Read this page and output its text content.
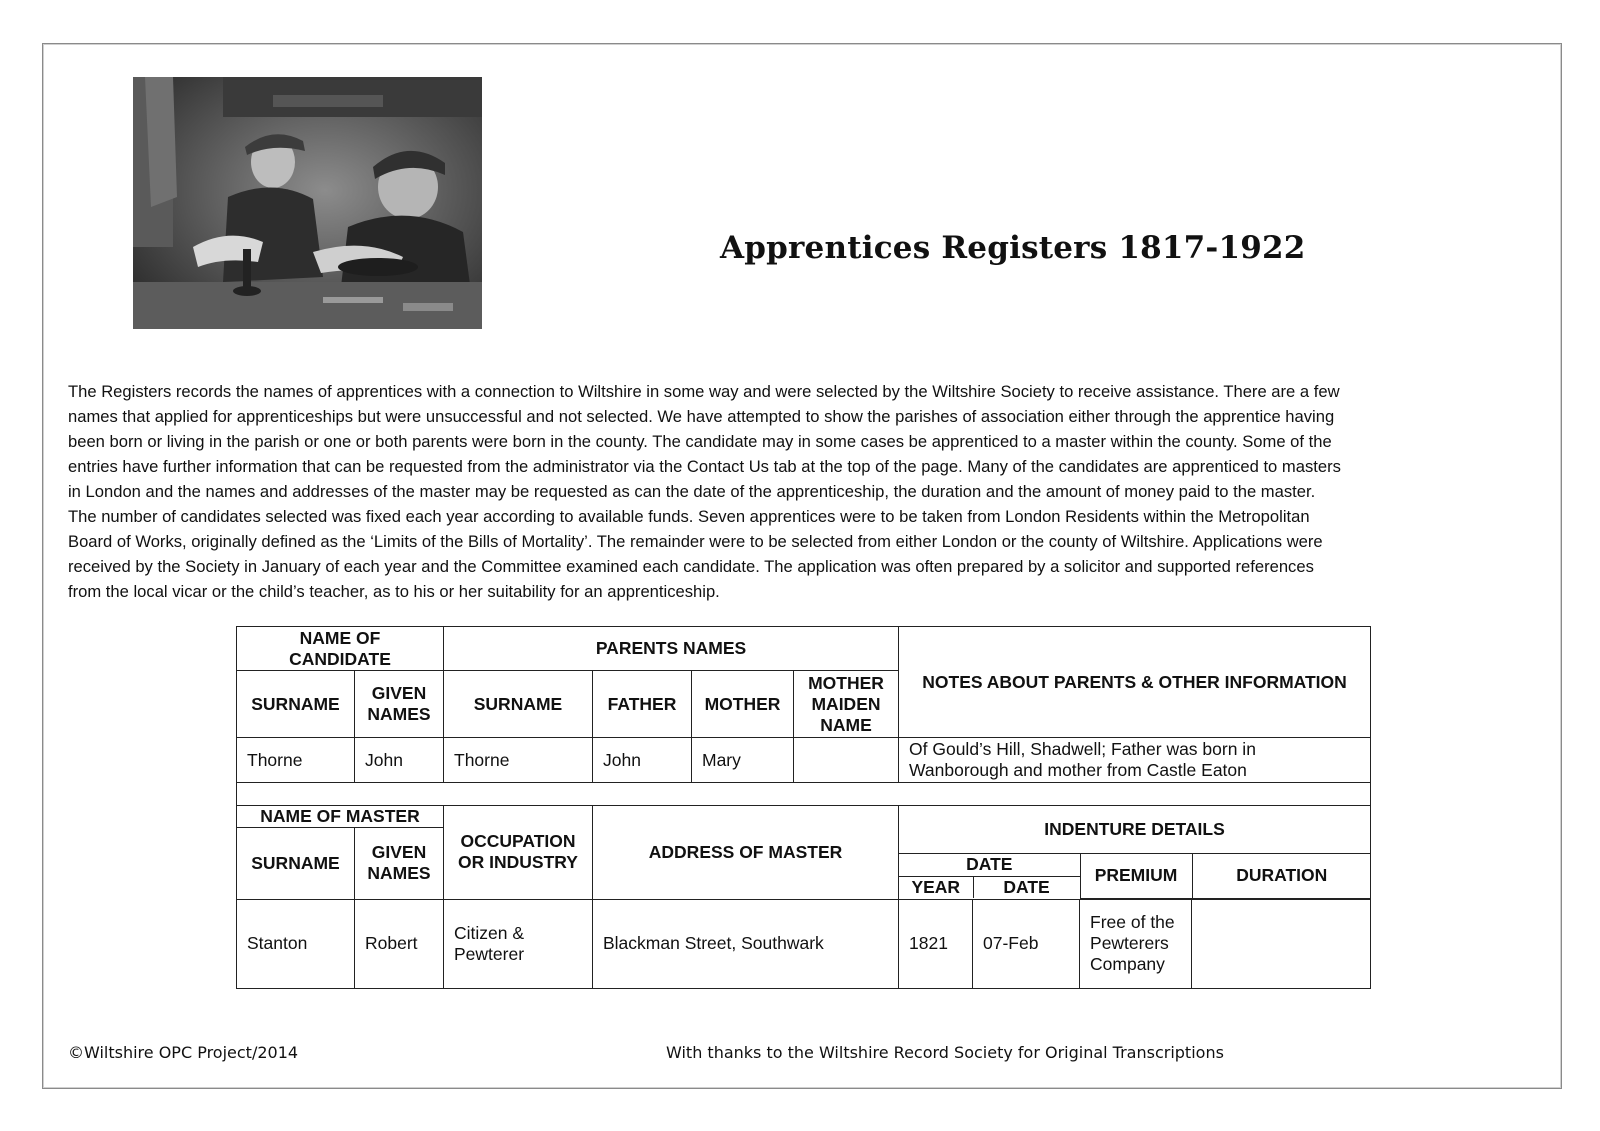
Apprentices Registers 1817-1922

The Registers records the names of apprentices with a connection to Wiltshire in some way and were selected by the Wiltshire Society to receive assistance. There are a few
names that applied for apprenticeships but were unsuccessful and not selected. We have attempted to show the parishes of association either through the apprentice having
been born or living in the parish or one or both parents were born in the county. The candidate may in some cases be apprenticed to a master within the county. Some of the
entries have further information that can be requested from the administrator via the Contact Us tab at the top of the page. Many of the candidates are apprenticed to masters
in London and the names and addresses of the master may be requested as can the date of the apprenticeship, the duration and the amount of money paid to the master.
The number of candidates selected was fixed each year according to available funds. Seven apprentices were to be taken from London Residents within the Metropolitan
Board of Works, originally defined as the ‘Limits of the Bills of Mortality’. The remainder were to be selected from either London or the county of Wiltshire. Applications were
received by the Society in January of each year and the Committee examined each candidate. The application was often prepared by a solicitor and supported references
from the local vicar or the child’s teacher, as to his or her suitability for an apprenticeship.

NAME OF CANDIDATE	PARENTS NAMES	NOTES ABOUT PARENTS & OTHER INFORMATION
SURNAME	GIVEN NAMES	SURNAME	FATHER	MOTHER	MOTHER MAIDEN NAME
Thorne	John	Thorne	John	Mary		Of Gould’s Hill, Shadwell; Father was born in Wanborough and mother from Castle Eaton

NAME OF MASTER	OCCUPATION OR INDUSTRY	ADDRESS OF MASTER	INDENTURE DETAILS
SURNAME	GIVEN NAMES	DATE	PREMIUM	DURATION
YEAR	DATE

Stanton	Robert	Citizen & Pewterer	Blackman Street, Southwark	1821	07-Feb	Free of the Pewterers Company	
©Wiltshire OPC Project/2014	With thanks to the Wiltshire Record Society for Original Transcriptions
